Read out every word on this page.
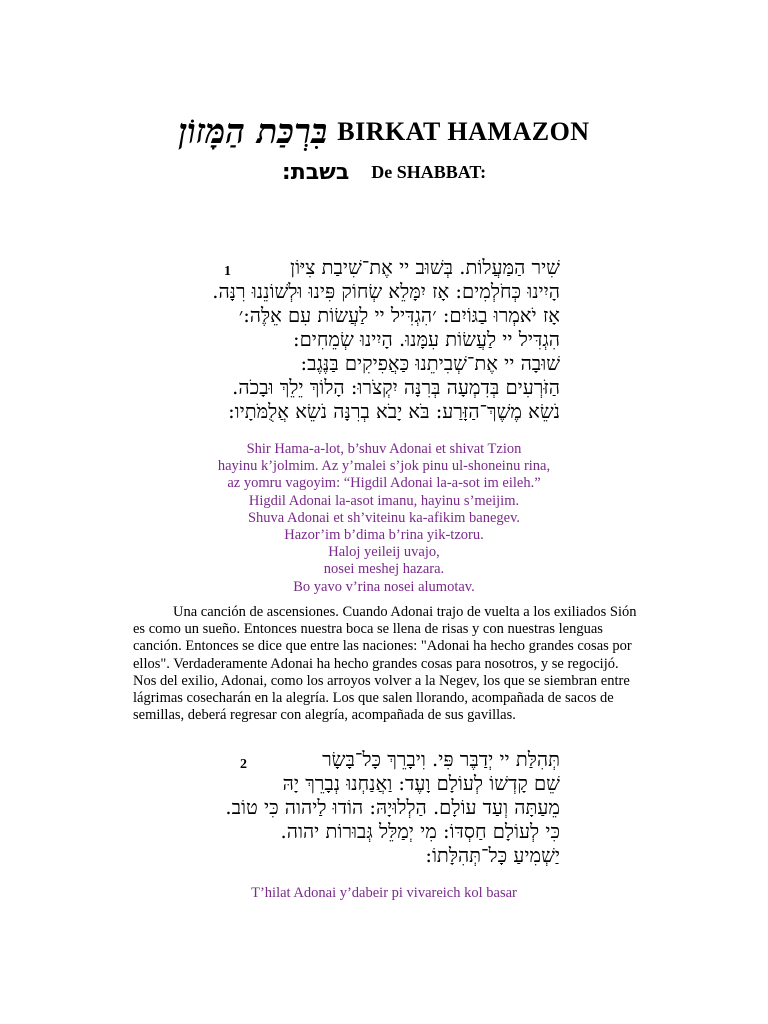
בִּרְכַּת הַמָּזוֹן BIRKAT HAMAZON
בשבת: De SHABBAT:
1	שִׁיר הַמַּעֲלוֹת. בְּשׁוּב יי אֶת־שִׁיבַת צִיּוֹן
הָיִינוּ כְּחֹלְמִים: אָז יִמָּלֵא שְׂחוֹק פִּינוּ וּלְשׁוֹנֵנוּ רִנָּה.
אָז יֹאמְרוּ בַגּוֹיִם: ׳הִגְדִּיל יי לַעֲשׂוֹת עִם אֵלֶּה:׳
הִגְדִּיל יי לַעֲשׂוֹת עִמָּנוּ. הָיִינוּ שְׂמֵחִים:
שׁוּבָה יי אֶת־שְׁבִיתֵנוּ כַּאֲפִיקִים בַּנֶּגֶב:
הַזֹּרְעִים בְּדִמְעָה בְּרִנָּה יִקְצֹרוּ: הָלוֹךְ יֵלֵךְ וּבָכֹה.
נֹשֵׂא מֶשֶׁךְ־הַזָּרַע: בֹּא יָבֹא בְרִנָּה נֹשֵׂא אֲלֻמֹּתָיו:
Shir Hama-a-lot, b’shuv Adonai et shivat Tzion
hayinu k’jolmim. Az y’malei s’jok pinu ul-shoneinu rina,
az yomru vagoyim: “Higdil Adonai la-a-sot im eileh.”
Higdil Adonai la-asot imanu, hayinu s’meijim.
Shuva Adonai et sh’viteinu ka-afikim banegev.
Hazor’im b’dima b’rina yik-tzoru.
Haloj yeileij uvajo,
nosei meshej hazara.
Bo yavo v’rina nosei alumotav.
Una canción de ascensiones. Cuando Adonai trajo de vuelta a los exiliados Sión es como un sueño. Entonces nuestra boca se llena de risas y con nuestras lenguas canción. Entonces se dice que entre las naciones: "Adonai ha hecho grandes cosas por ellos". Verdaderamente Adonai ha hecho grandes cosas para nosotros, y se regocijó. Nos del exilio, Adonai, como los arroyos volver a la Negev, los que se siembran entre lágrimas cosecharán en la alegría. Los que salen llorando, acompañada de sacos de semillas, deberá regresar con alegría, acompañada de sus gavillas.
2	תְּהִלַּת יי יְדַבֶּר פִּי. וִיבָרֵךְ כָּל־בָּשָׂר
שֵׁם קָדְשׁוֹ לְעוֹלָם וָעֶד: וַאֲנַחְנוּ נְבָרֵךְ יָהּ
מֵעַתָּה וְעַד עוֹלָם. הַלְלוּיָהּ: הוֹדוּ לַיהוה כִּי טוֹב.
כִּי לְעוֹלָם חַסְדּוֹ: מִי יְמַלֵּל גְּבוּרוֹת יהוה.
יַשְׁמִיעַ כָּל־תְּהִלָּתוֹ:
T’hilat Adonai y’dabeir pi vivareich kol basar
